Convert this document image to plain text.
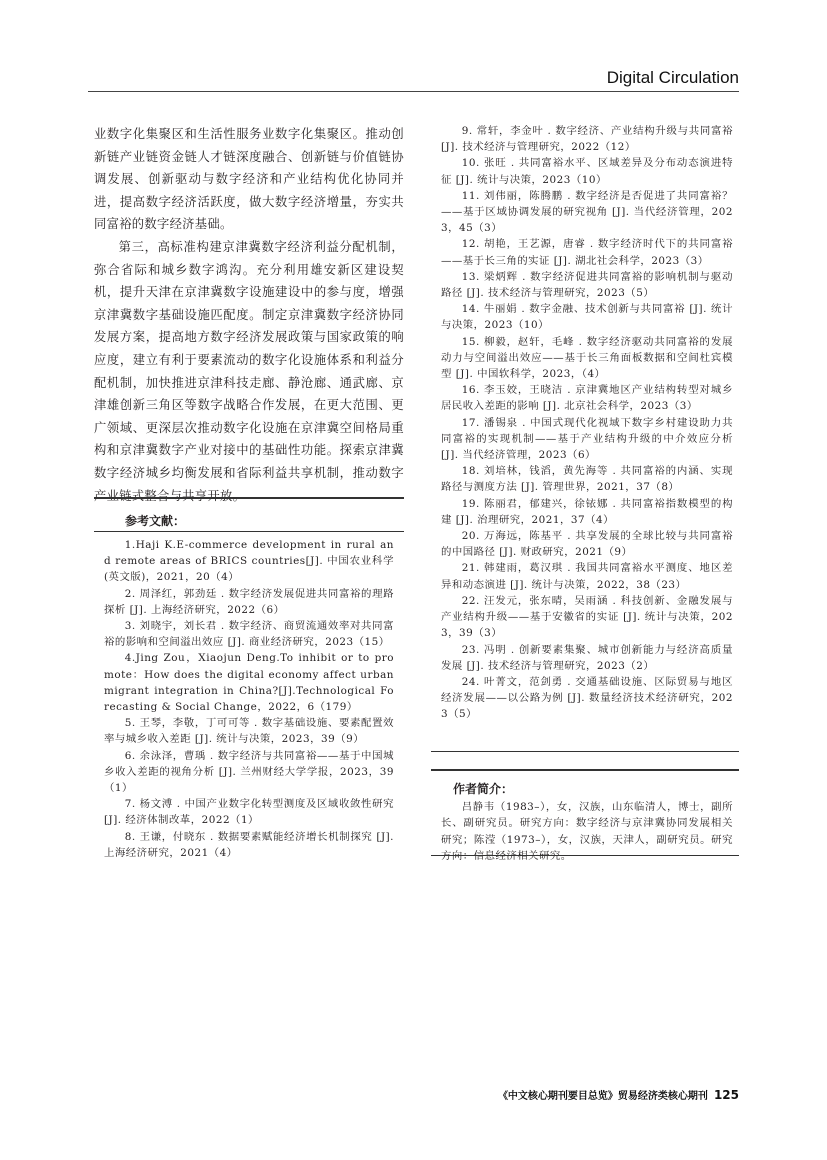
Digital Circulation

业数字化集聚区和生活性服务业数字化集聚区。推动创新链产业链资金链人才链深度融合、创新链与价值链协调发展、创新驱动与数字经济和产业结构优化协同并进，提高数字经济活跃度，做大数字经济增量，夯实共同富裕的数字经济基础。

第三，高标准构建京津冀数字经济利益分配机制，弥合省际和城乡数字鸿沟。充分利用雄安新区建设契机，提升天津在京津冀数字设施建设中的参与度，增强京津冀数字基础设施匹配度。制定京津冀数字经济协同发展方案，提高地方数字经济发展政策与国家政策的响应度，建立有利于要素流动的数字化设施体系和利益分配机制，加快推进京津科技走廊、静沧廊、通武廊、京津雄创新三角区等数字战略合作发展，在更大范围、更广领域、更深层次推动数字化设施在京津冀空间格局重构和京津冀数字产业对接中的基础性功能。探索京津冀数字经济城乡均衡发展和省际利益共享机制，推动数字产业链式整合与共享开放。

参考文献：

1.Haji K.E-commerce development in rural and remote areas of BRICS countries[J]. 中国农业科学(英文版)，2021，20（4）

2. 周泽红，郭劲廷 . 数字经济发展促进共同富裕的理路探析 [J]. 上海经济研究，2022（6）

3. 刘晓宇，刘长君 . 数字经济、商贸流通效率对共同富裕的影响和空间溢出效应 [J]. 商业经济研究，2023（15）

4.Jing Zou，Xiaojun Deng.To inhibit or to promote：How does the digital economy affect urban migrant integration in China?[J].Technological Forecasting & Social Change，2022，6（179）

5. 王琴，李敬，丁可可等 . 数字基础设施、要素配置效率与城乡收入差距 [J]. 统计与决策，2023，39（9）

6. 余泳泽，曹瑀 . 数字经济与共同富裕——基于中国城乡收入差距的视角分析 [J]. 兰州财经大学学报，2023，39（1）

7. 杨文溥 . 中国产业数字化转型测度及区域收敛性研究 [J]. 经济体制改革，2022（1）

8. 王谦，付晓东 . 数据要素赋能经济增长机制探究 [J]. 上海经济研究，2021（4）

9. 常轩，李金叶 . 数字经济、产业结构升级与共同富裕 [J]. 技术经济与管理研究，2022（12）

10. 张旺 . 共同富裕水平、区域差异及分布动态演进特征 [J]. 统计与决策，2023（10）

11. 刘伟丽，陈腾鹏 . 数字经济是否促进了共同富裕？——基于区域协调发展的研究视角 [J]. 当代经济管理，2023，45（3）

12. 胡艳，王艺源，唐睿 . 数字经济时代下的共同富裕——基于长三角的实证 [J]. 湖北社会科学，2023（3）

13. 梁炳辉 . 数字经济促进共同富裕的影响机制与驱动路径 [J]. 技术经济与管理研究，2023（5）

14. 牛丽娟 . 数字金融、技术创新与共同富裕 [J]. 统计与决策，2023（10）

15. 柳毅，赵轩，毛峰 . 数字经济驱动共同富裕的发展动力与空间溢出效应——基于长三角面板数据和空间杜宾模型 [J]. 中国软科学，2023，（4）

16. 李玉姣，王晓洁 . 京津冀地区产业结构转型对城乡居民收入差距的影响 [J]. 北京社会科学，2023（3）

17. 潘锡泉 . 中国式现代化视域下数字乡村建设助力共同富裕的实现机制——基于产业结构升级的中介效应分析 [J]. 当代经济管理，2023（6）

18. 刘培林，钱滔，黄先海等 . 共同富裕的内涵、实现路径与测度方法 [J]. 管理世界，2021，37（8）

19. 陈丽君，郁建兴，徐铱娜 . 共同富裕指数模型的构建 [J]. 治理研究，2021，37（4）

20. 万海远，陈基平 . 共享发展的全球比较与共同富裕的中国路径 [J]. 财政研究，2021（9）

21. 韩建雨，葛汉琪 . 我国共同富裕水平测度、地区差异和动态演进 [J]. 统计与决策，2022，38（23）

22. 汪发元，张东晴，吴雨涵 . 科技创新、金融发展与产业结构升级——基于安徽省的实证 [J]. 统计与决策，2023，39（3）

23. 冯明 . 创新要素集聚、城市创新能力与经济高质量发展 [J]. 技术经济与管理研究，2023（2）

24. 叶菁文，范剑勇 . 交通基础设施、区际贸易与地区经济发展——以公路为例 [J]. 数量经济技术经济研究，2023（5）

作者简介：

吕静韦（1983–），女，汉族，山东临清人，博士，副所长、副研究员。研究方向：数字经济与京津冀协同发展相关研究；陈滢（1973–），女，汉族，天津人，副研究员。研究方向：信息经济相关研究。

《中文核心期刊要目总览》贸易经济类核心期刊 125
